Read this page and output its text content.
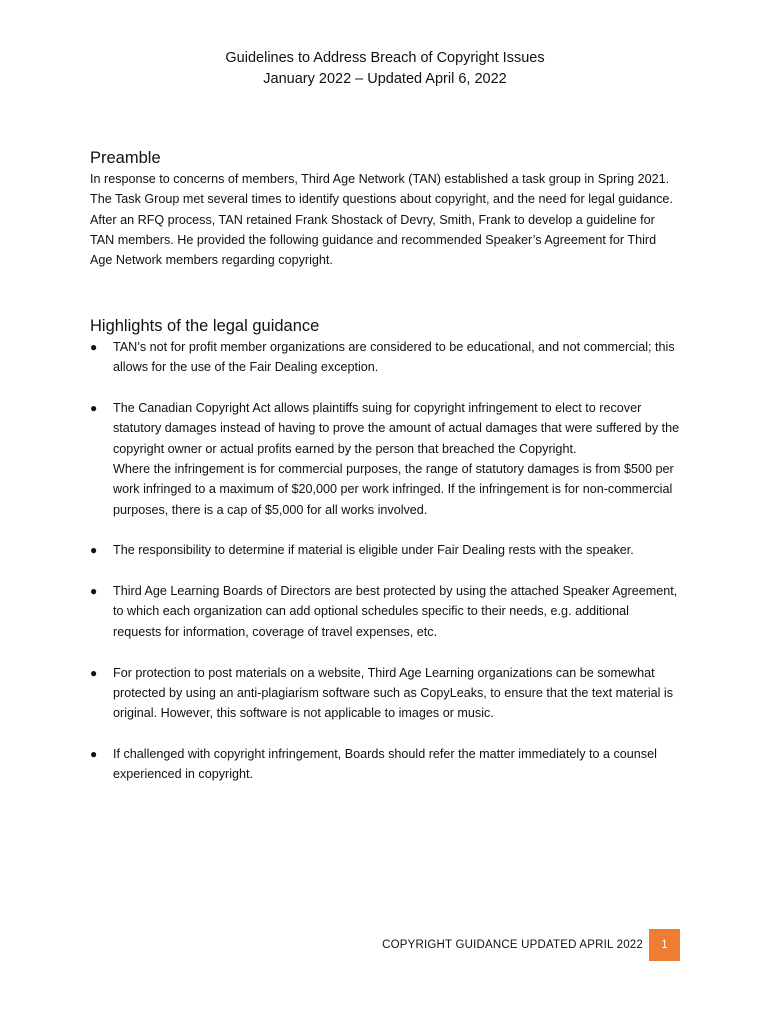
Guidelines to Address Breach of Copyright Issues
January 2022 – Updated April 6, 2022
Preamble
In response to concerns of members, Third Age Network (TAN) established a task group in Spring 2021. The Task Group met several times to identify questions about copyright, and the need for legal guidance. After an RFQ process, TAN retained Frank Shostack of Devry, Smith, Frank to develop a guideline for TAN members. He provided the following guidance and recommended Speaker’s Agreement for Third Age Network members regarding copyright.
Highlights of the legal guidance
●	TAN’s not for profit member organizations are considered to be educational, and not commercial; this allows for the use of the Fair Dealing exception.
●	The Canadian Copyright Act allows plaintiffs suing for copyright infringement to elect to recover statutory damages instead of having to prove the amount of actual damages that were suffered by the copyright owner or actual profits earned by the person that breached the Copyright.
Where the infringement is for commercial purposes, the range of statutory damages is from $500 per work infringed to a maximum of $20,000 per work infringed. If the infringement is for non-commercial purposes, there is a cap of $5,000 for all works involved.
●	The responsibility to determine if material is eligible under Fair Dealing rests with the speaker.
●	Third Age Learning Boards of Directors are best protected by using the attached Speaker Agreement, to which each organization can add optional schedules specific to their needs, e.g. additional requests for information, coverage of travel expenses, etc.
●	For protection to post materials on a website, Third Age Learning organizations can be somewhat protected by using an anti-plagiarism software such as CopyLeaks, to ensure that the text material is original. However, this software is not applicable to images or music.
●	If challenged with copyright infringement, Boards should refer the matter immediately to a counsel experienced in copyright.
COPYRIGHT GUIDANCE UPDATED APRIL 2022	1
